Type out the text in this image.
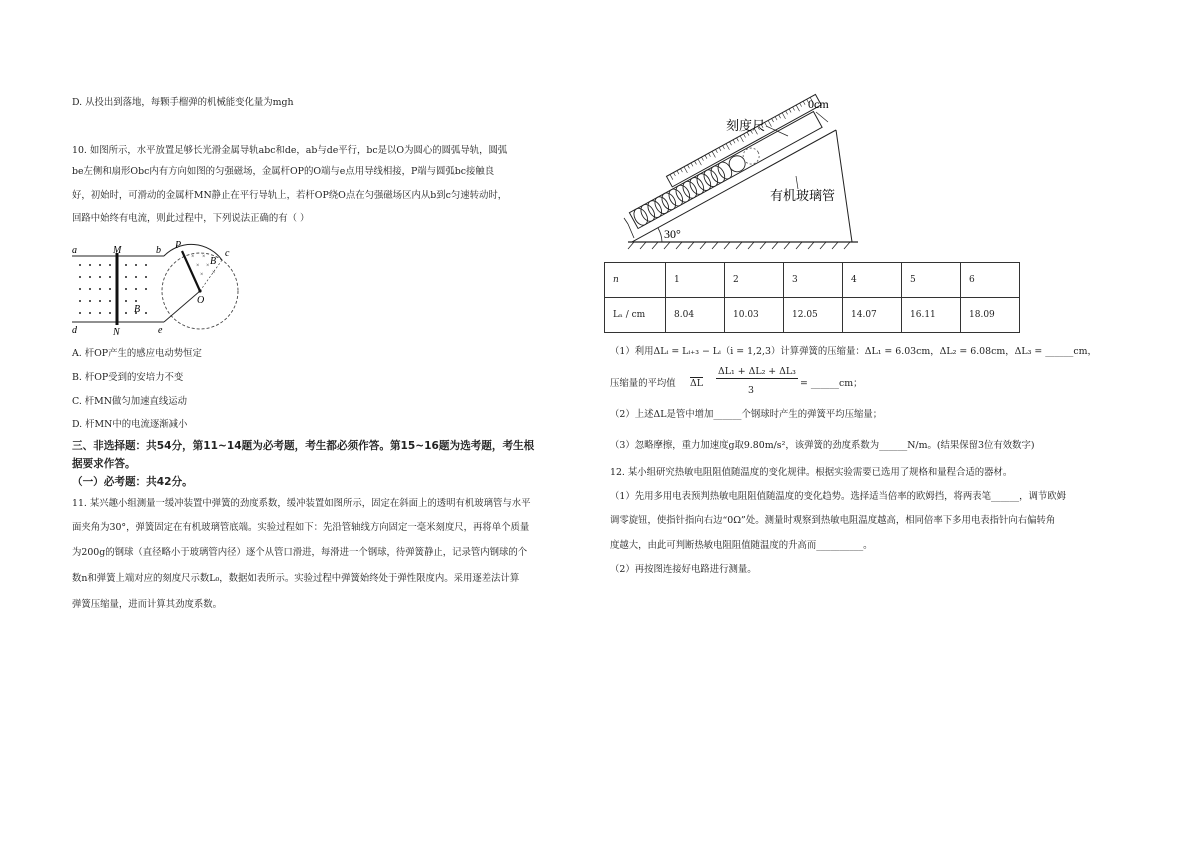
D. 从投出到落地，每颗手榴弹的机械能变化量为mgh
10. 如图所示，水平放置足够长光滑金属导轨abc和de，ab与de平行，bc是以O为圆心的圆弧导轨，圆弧
be左侧和扇形Obc内有方向如图的匀强磁场，金属杆OP的O端与e点用导线相接，P端与圆弧bc接触良
好，初始时，可滑动的金属杆MN静止在平行导轨上，若杆OP绕O点在匀强磁场区内从b到c匀速转动时，
回路中始终有电流，则此过程中，下列说法正确的有（ ）
× ×
× ×
× ×
a	M	b P
c
B
O
B
d	N	e
A. 杆OP产生的感应电动势恒定
B. 杆OP受到的安培力不变
C. 杆MN做匀加速直线运动
D. 杆MN中的电流逐渐减小
三、非选择题：共54分，第11~14题为必考题，考生都必须作答。第15~16题为选考题，考生根
据要求作答。
（一）必考题：共42分。
11. 某兴趣小组测量一缓冲装置中弹簧的劲度系数，缓冲装置如图所示，固定在斜面上的透明有机玻璃管与水平
面夹角为30°，弹簧固定在有机玻璃管底端。实验过程如下：先沿管轴线方向固定一毫米刻度尺，再将单个质量
为200g的钢球（直径略小于玻璃管内径）逐个从管口滑进，每滑进一个钢球，待弹簧静止，记录管内钢球的个
数n和弹簧上端对应的刻度尺示数L₀，数据如表所示。实验过程中弹簧始终处于弹性限度内。采用逐差法计算
弹簧压缩量，进而计算其劲度系数。
30°
0cm
刻度尺
有机玻璃管
n	1	2	3	4	5	6
Lₙ / cm	8.04	10.03	12.05	14.07	16.11	18.09
（1）利用ΔLᵢ = Lᵢ₊₃ − Lᵢ（i = 1,2,3）计算弹簧的压缩量：ΔL₁ = 6.03cm，ΔL₂ = 6.08cm，ΔL₃ = ______cm，
压缩量的平均值 $\overline{\Delta L}$
ΔL₁ + ΔL₂ + ΔL₃
3
= ______cm；
（2）上述ΔL是管中增加______个钢球时产生的弹簧平均压缩量；
（3）忽略摩擦，重力加速度g取9.80m/s²，该弹簧的劲度系数为______N/m。(结果保留3位有效数字)
12. 某小组研究热敏电阻阻值随温度的变化规律。根据实验需要已选用了规格和量程合适的器材。
（1）先用多用电表预判热敏电阻阻值随温度的变化趋势。选择适当倍率的欧姆挡，将两表笔______，调节欧姆
调零旋钮，使指针指向右边“0Ω”处。测量时观察到热敏电阻温度越高，相同倍率下多用电表指针向右偏转角
度越大，由此可判断热敏电阻阻值随温度的升高而__________。
（2）再按图连接好电路进行测量。
